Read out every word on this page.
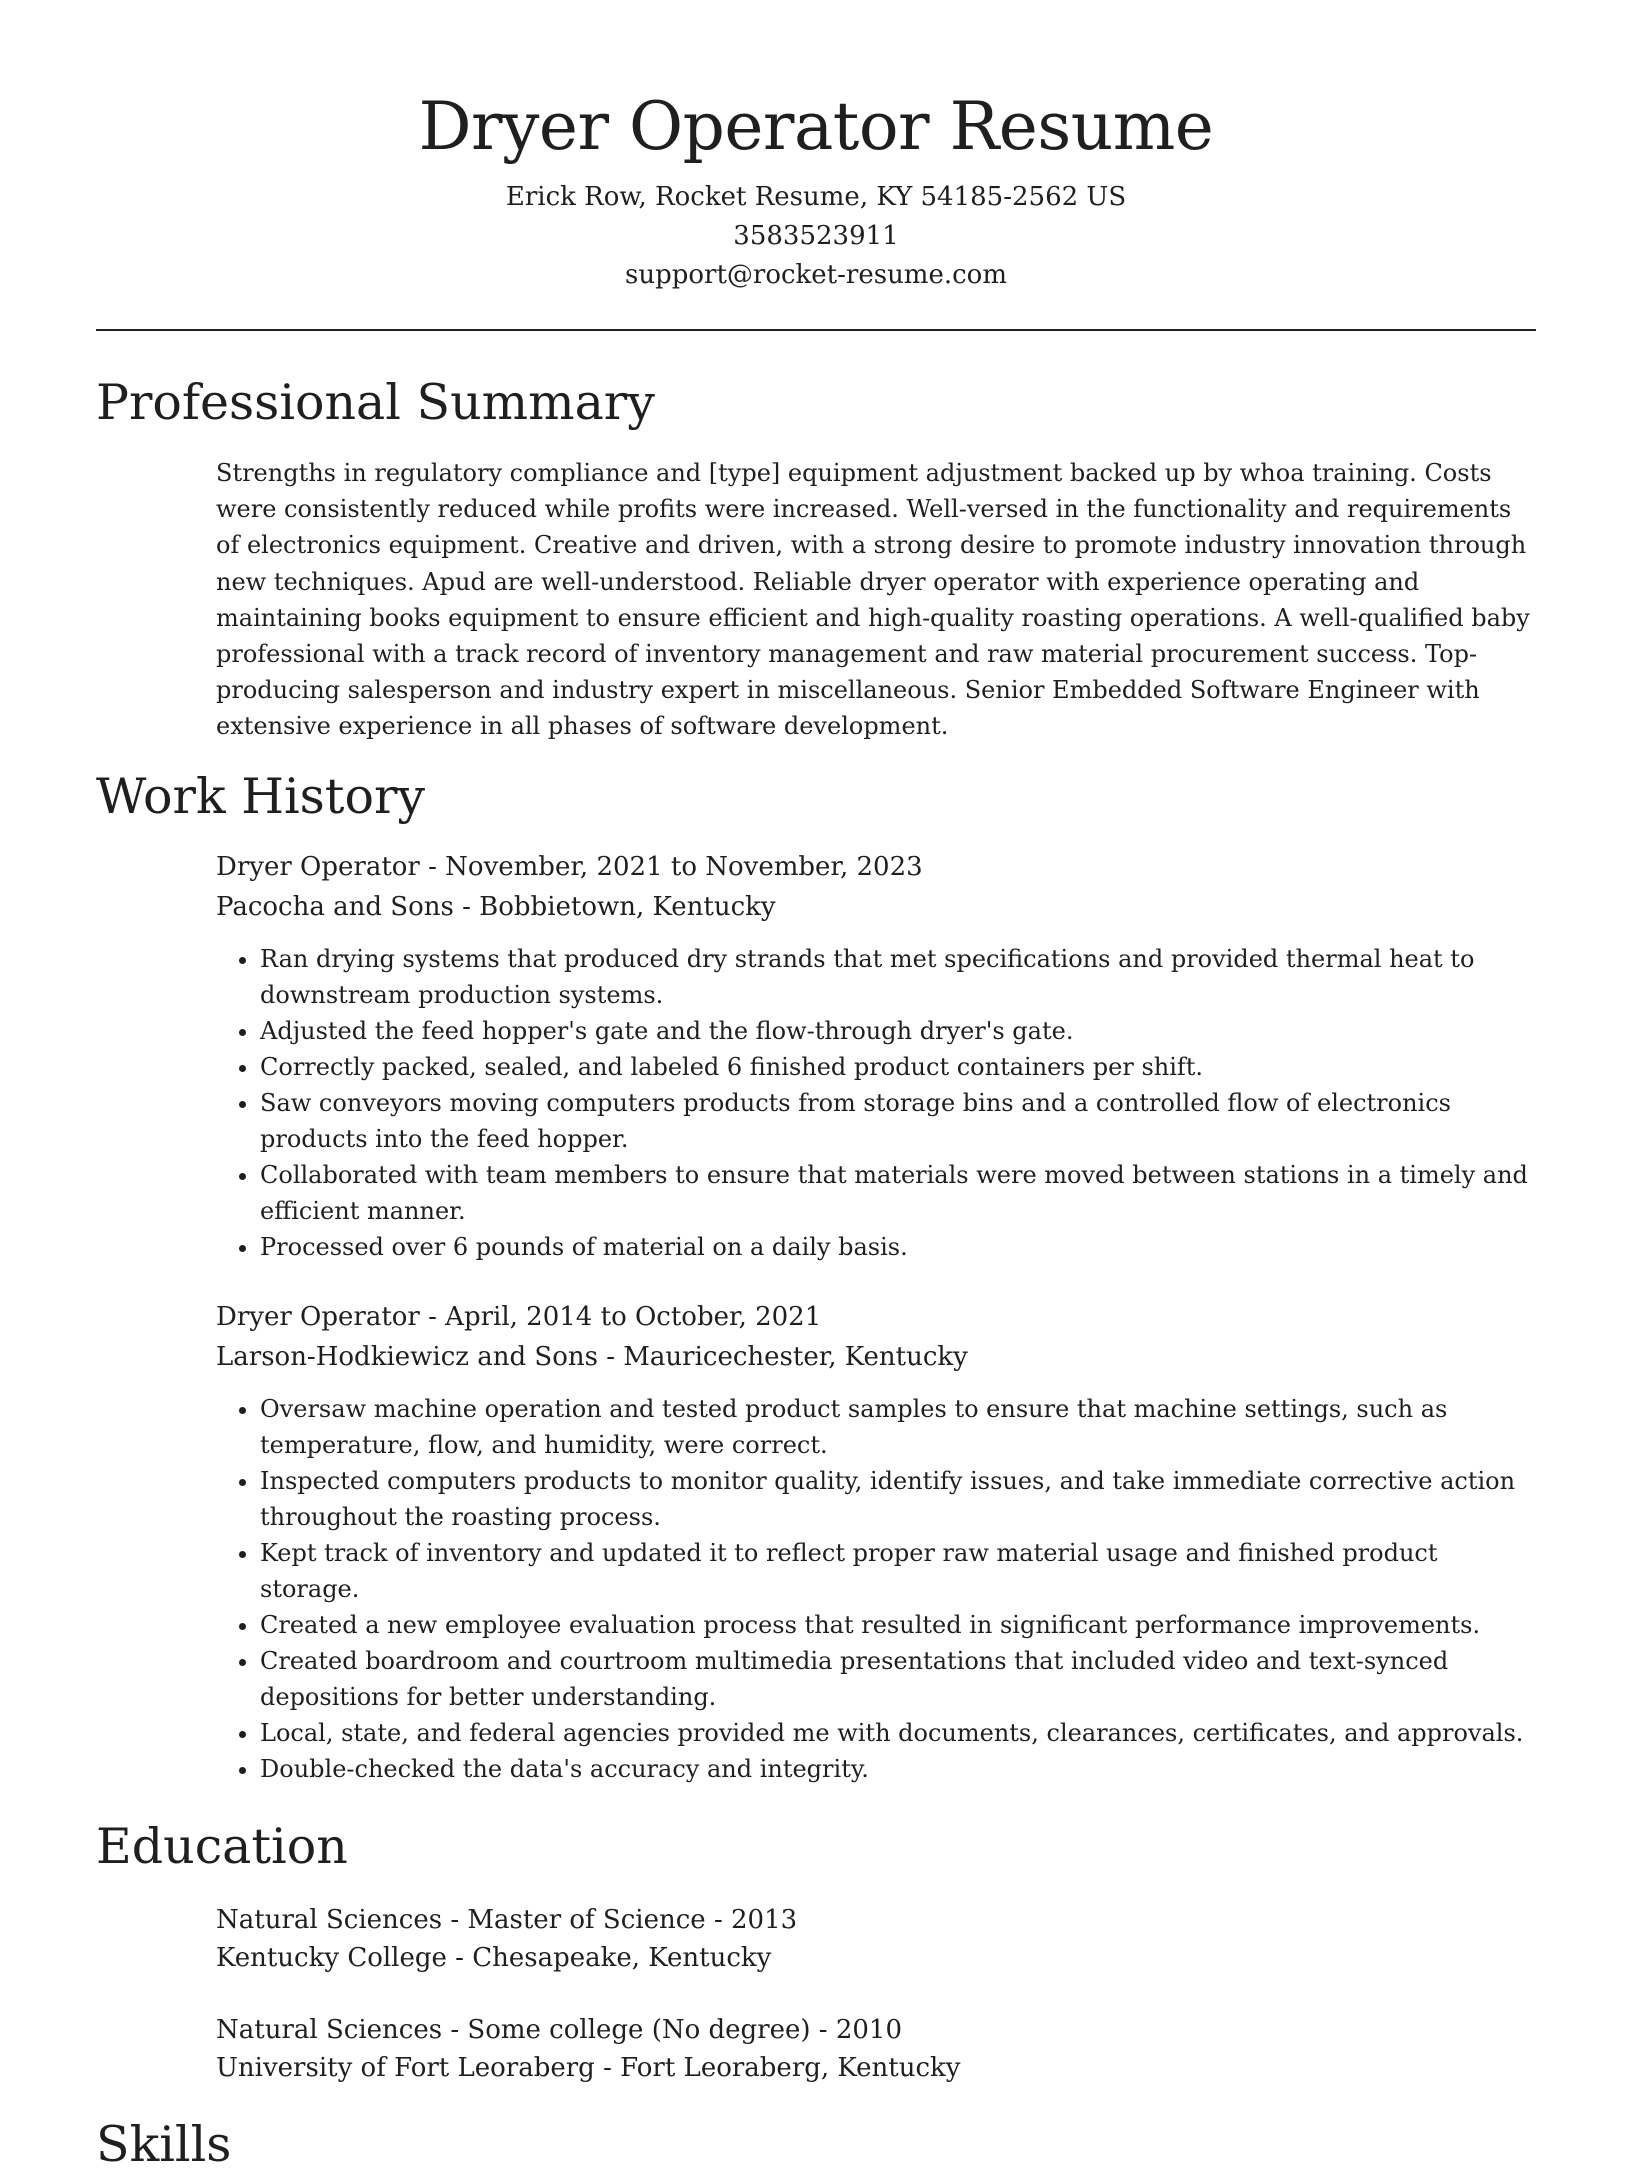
Dryer Operator Resume
Erick Row, Rocket Resume, KY 54185-2562 US
3583523911
support@rocket-resume.com
Professional Summary
Strengths in regulatory compliance and [type] equipment adjustment backed up by whoa training. Costs were consistently reduced while profits were increased. Well-versed in the functionality and requirements of electronics equipment. Creative and driven, with a strong desire to promote industry innovation through new techniques. Apud are well-understood. Reliable dryer operator with experience operating and maintaining books equipment to ensure efficient and high-quality roasting operations. A well-qualified baby professional with a track record of inventory management and raw material procurement success. Top-producing salesperson and industry expert in miscellaneous. Senior Embedded Software Engineer with extensive experience in all phases of software development.
Work History
Dryer Operator - November, 2021 to November, 2023
Pacocha and Sons - Bobbietown, Kentucky
• Ran drying systems that produced dry strands that met specifications and provided thermal heat to downstream production systems.
• Adjusted the feed hopper's gate and the flow-through dryer's gate.
• Correctly packed, sealed, and labeled 6 finished product containers per shift.
• Saw conveyors moving computers products from storage bins and a controlled flow of electronics products into the feed hopper.
• Collaborated with team members to ensure that materials were moved between stations in a timely and efficient manner.
• Processed over 6 pounds of material on a daily basis.
Dryer Operator - April, 2014 to October, 2021
Larson-Hodkiewicz and Sons - Mauricechester, Kentucky
• Oversaw machine operation and tested product samples to ensure that machine settings, such as temperature, flow, and humidity, were correct.
• Inspected computers products to monitor quality, identify issues, and take immediate corrective action throughout the roasting process.
• Kept track of inventory and updated it to reflect proper raw material usage and finished product storage.
• Created a new employee evaluation process that resulted in significant performance improvements.
• Created boardroom and courtroom multimedia presentations that included video and text-synced depositions for better understanding.
• Local, state, and federal agencies provided me with documents, clearances, certificates, and approvals.
• Double-checked the data's accuracy and integrity.
Education
Natural Sciences - Master of Science - 2013
Kentucky College - Chesapeake, Kentucky
Natural Sciences - Some college (No degree) - 2010
University of Fort Leoraberg - Fort Leoraberg, Kentucky
Skills
